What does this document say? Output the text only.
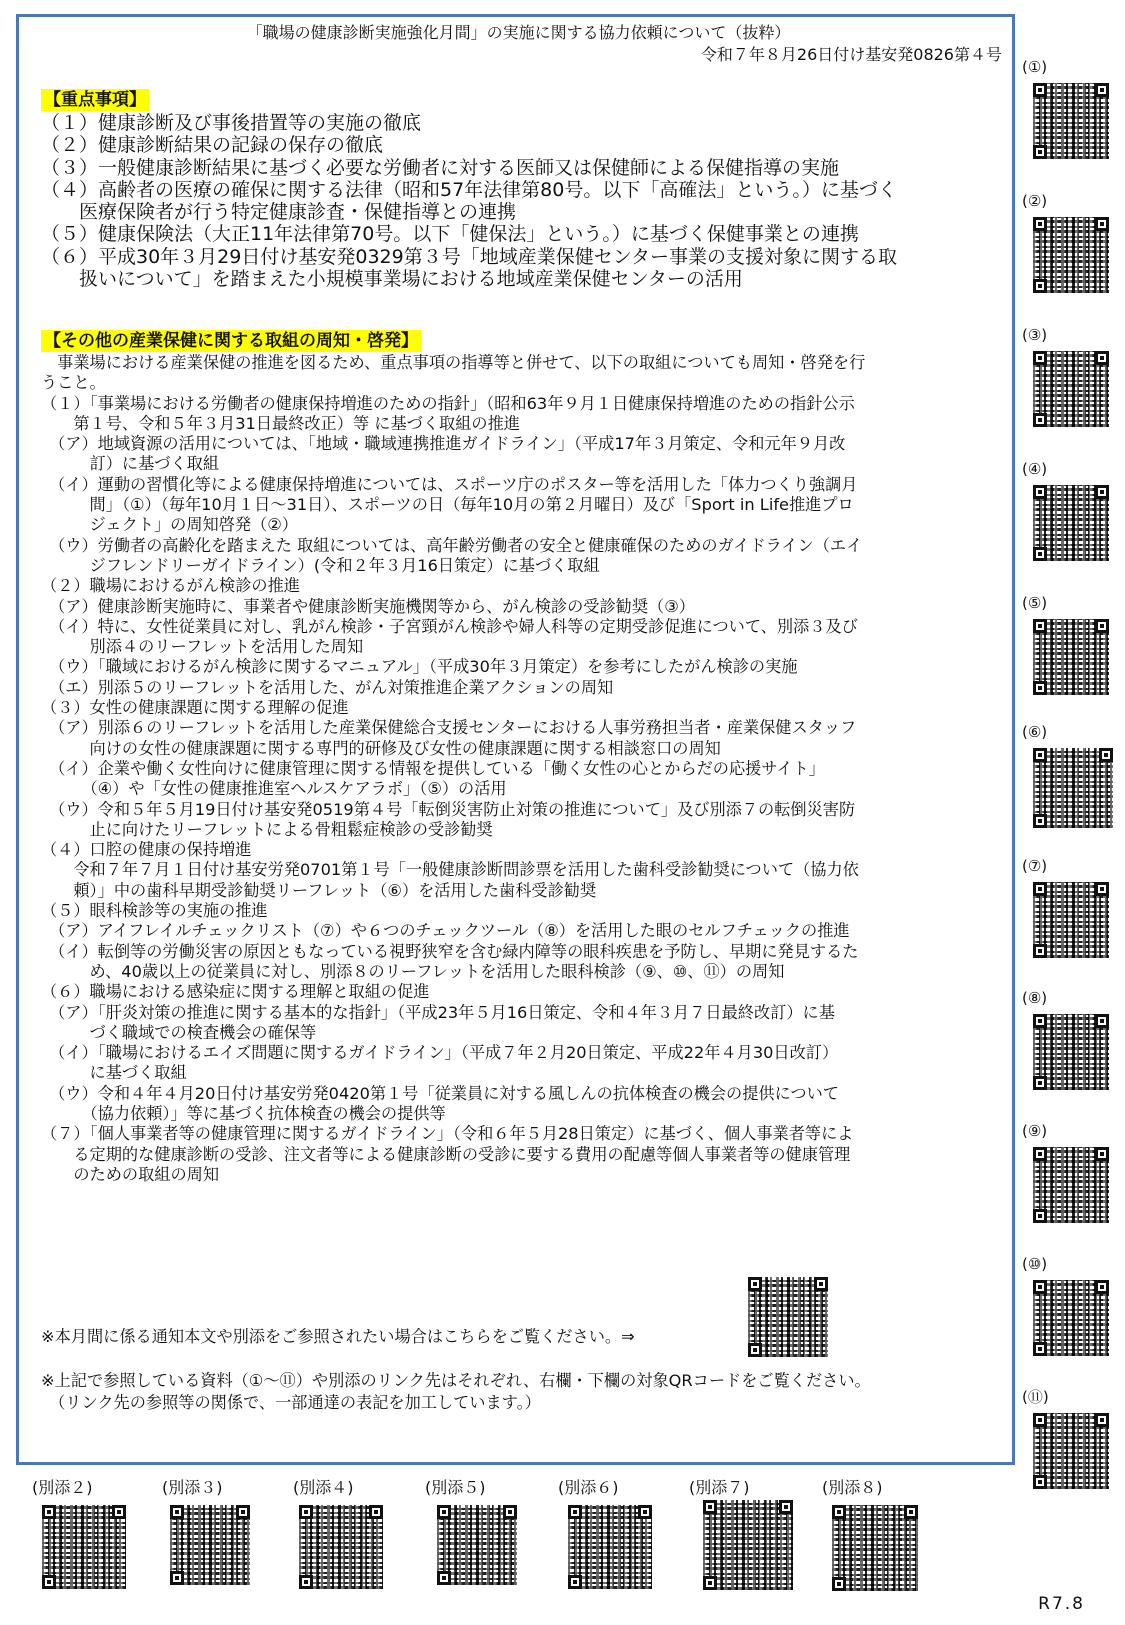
「職場の健康診断実施強化月間」の実施に関する協力依頼について（抜粋）
令和７年８月26日付け基安発0826第４号
【重点事項】
（１）健康診断及び事後措置等の実施の徹底
（２）健康診断結果の記録の保存の徹底
（３）一般健康診断結果に基づく必要な労働者に対する医師又は保健師による保健指導の実施
（４）高齢者の医療の確保に関する法律（昭和57年法律第80号。以下「高確法」という。）に基づく
　　医療保険者が行う特定健康診査・保健指導との連携
（５）健康保険法（大正11年法律第70号。以下「健保法」という。）に基づく保健事業との連携
（６）平成30年３月29日付け基安発0329第３号「地域産業保健センター事業の支援対象に関する取
　　扱いについて」を踏まえた小規模事業場における地域産業保健センターの活用
【その他の産業保健に関する取組の周知・啓発】
　事業場における産業保健の推進を図るため、重点事項の指導等と併せて、以下の取組についても周知・啓発を行
うこと。
（１）「事業場における労働者の健康保持増進のための指針」（昭和63年９月１日健康保持増進のための指針公示
　　第１号、令和５年３月31日最終改正）等 に基づく取組の推進
　（ア）地域資源の活用については、「地域・職域連携推進ガイドライン」（平成17年３月策定、令和元年９月改
　　　訂）に基づく取組
　（イ）運動の習慣化等による健康保持増進については、スポーツ庁のポスター等を活用した「体力つくり強調月
　　　間」（①）（毎年10月１日～31日）、スポーツの日（毎年10月の第２月曜日）及び「Sport in Life推進プロ
　　　ジェクト」の周知啓発（②）
　（ウ）労働者の高齢化を踏まえた 取組については、高年齢労働者の安全と健康確保のためのガイドライン（エイ
　　　ジフレンドリーガイドライン）(令和２年３月16日策定）に基づく取組
（２）職場におけるがん検診の推進
　（ア）健康診断実施時に、事業者や健康診断実施機関等から、がん検診の受診勧奨（③）
　（イ）特に、女性従業員に対し、乳がん検診・子宮頸がん検診や婦人科等の定期受診促進について、別添３及び
　　　別添４のリーフレットを活用した周知
　（ウ）「職域におけるがん検診に関するマニュアル」（平成30年３月策定）を参考にしたがん検診の実施
　（エ）別添５のリーフレットを活用した、がん対策推進企業アクションの周知
（３）女性の健康課題に関する理解の促進
　（ア）別添６のリーフレットを活用した産業保健総合支援センターにおける人事労務担当者・産業保健スタッフ
　　　向けの女性の健康課題に関する専門的研修及び女性の健康課題に関する相談窓口の周知
　（イ）企業や働く女性向けに健康管理に関する情報を提供している「働く女性の心とからだの応援サイト」
　　　（④）や「女性の健康推進室ヘルスケアラボ」（⑤）の活用
　（ウ）令和５年５月19日付け基安発0519第４号「転倒災害防止対策の推進について」及び別添７の転倒災害防
　　　止に向けたリーフレットによる骨粗鬆症検診の受診勧奨
（４）口腔の健康の保持増進
　　令和７年７月１日付け基安労発0701第１号「一般健康診断問診票を活用した歯科受診勧奨について（協力依
　　頼）」中の歯科早期受診勧奨リーフレット（⑥）を活用した歯科受診勧奨
（５）眼科検診等の実施の推進
　（ア）アイフレイルチェックリスト（⑦）や６つのチェックツール（⑧）を活用した眼のセルフチェックの推進
　（イ）転倒等の労働災害の原因ともなっている視野狭窄を含む緑内障等の眼科疾患を予防し、早期に発見するた
　　　め、40歳以上の従業員に対し、別添８のリーフレットを活用した眼科検診（⑨、⑩、⑪）の周知
（６）職場における感染症に関する理解と取組の促進
　（ア）「肝炎対策の推進に関する基本的な指針」（平成23年５月16日策定、令和４年３月７日最終改訂）に基
　　　づく職域での検査機会の確保等
　（イ）「職場におけるエイズ問題に関するガイドライン」（平成７年２月20日策定、平成22年４月30日改訂）
　　　に基づく取組
　（ウ）令和４年４月20日付け基安労発0420第１号「従業員に対する風しんの抗体検査の機会の提供について
　　　（協力依頼）」等に基づく抗体検査の機会の提供等
（７）「個人事業者等の健康管理に関するガイドライン」（令和６年５月28日策定）に基づく、個人事業者等によ
　　る定期的な健康診断の受診、注文者等による健康診断の受診に要する費用の配慮等個人事業者等の健康管理
　　のための取組の周知
※本月間に係る通知本文や別添をご参照されたい場合はこちらをご覧ください。⇒
※上記で参照している資料（①～⑪）や別添のリンク先はそれぞれ、右欄・下欄の対象QRコードをご覧ください。
　（リンク先の参照等の関係で、一部通達の表記を加工しています。）
(①)
(②)
(③)
(④)
(⑤)
(⑥)
(⑦)
(⑧)
(⑨)
(⑩)
(⑪)
(別添２)	(別添３)	(別添４)	(別添５)	(別添６)	(別添７)	(別添８)
R7.8
